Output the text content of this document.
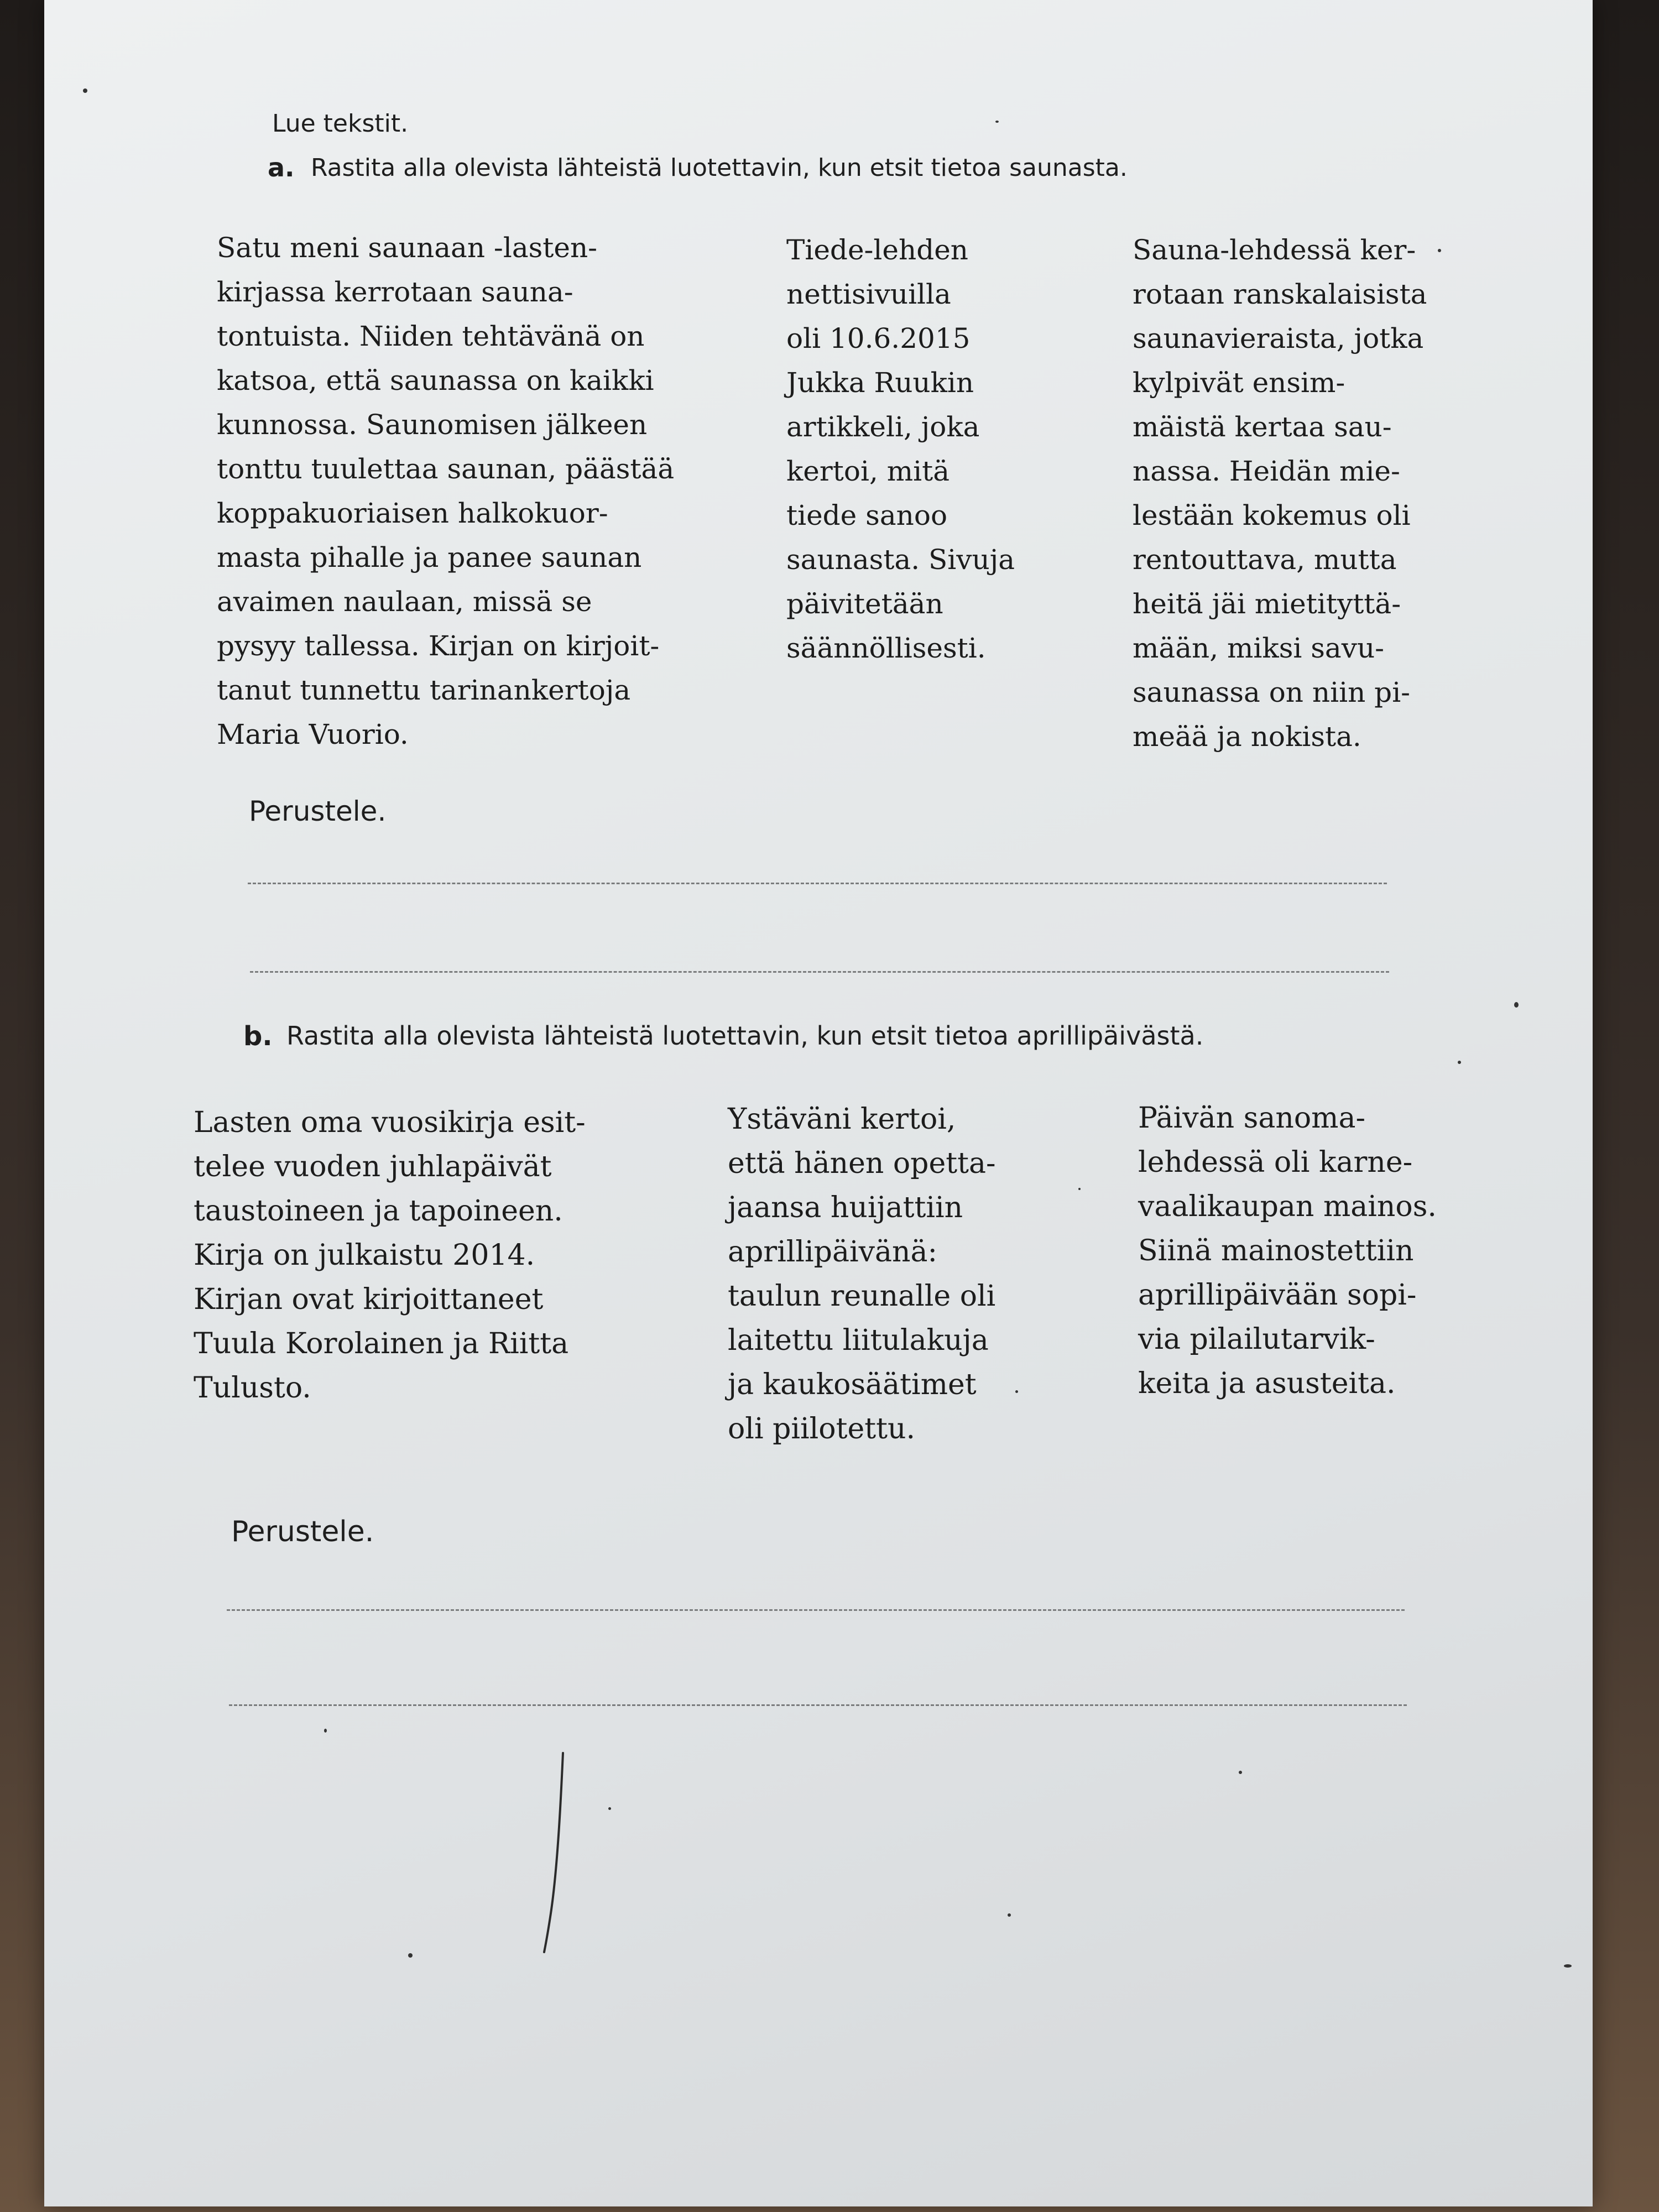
Lue tekstit.
a. Rastita alla olevista lähteistä luotettavin, kun etsit tietoa saunasta.
Satu meni saunaan -lasten-
kirjassa kerrotaan sauna-
tontuista. Niiden tehtävänä on
katsoa, että saunassa on kaikki
kunnossa. Saunomisen jälkeen
tonttu tuulettaa saunan, päästää
koppakuoriaisen halkokuor-
masta pihalle ja panee saunan
avaimen naulaan, missä se
pysyy tallessa. Kirjan on kirjoit-
tanut tunnettu tarinankertoja
Maria Vuorio.
Tiede-lehden
nettisivuilla
oli 10.6.2015
Jukka Ruukin
artikkeli, joka
kertoi, mitä
tiede sanoo
saunasta. Sivuja
päivitetään
säännöllisesti.
Sauna-lehdessä ker-
rotaan ranskalaisista
saunavieraista, jotka
kylpivät ensim-
mäistä kertaa sau-
nassa. Heidän mie-
lestään kokemus oli
rentouttava, mutta
heitä jäi mietityttä-
mään, miksi savu-
saunassa on niin pi-
meää ja nokista.
Perustele.
b. Rastita alla olevista lähteistä luotettavin, kun etsit tietoa aprillipäivästä.
Lasten oma vuosikirja esit-
telee vuoden juhlapäivät
taustoineen ja tapoineen.
Kirja on julkaistu 2014.
Kirjan ovat kirjoittaneet
Tuula Korolainen ja Riitta
Tulusto.
Ystäväni kertoi,
että hänen opetta-
jaansa huijattiin
aprillipäivänä:
taulun reunalle oli
laitettu liitulakuja
ja kaukosäätimet
oli piilotettu.
Päivän sanoma-
lehdessä oli karne-
vaalikaupan mainos.
Siinä mainostettiin
aprillipäivään sopi-
via pilailutarvik-
keita ja asusteita.
Perustele.
